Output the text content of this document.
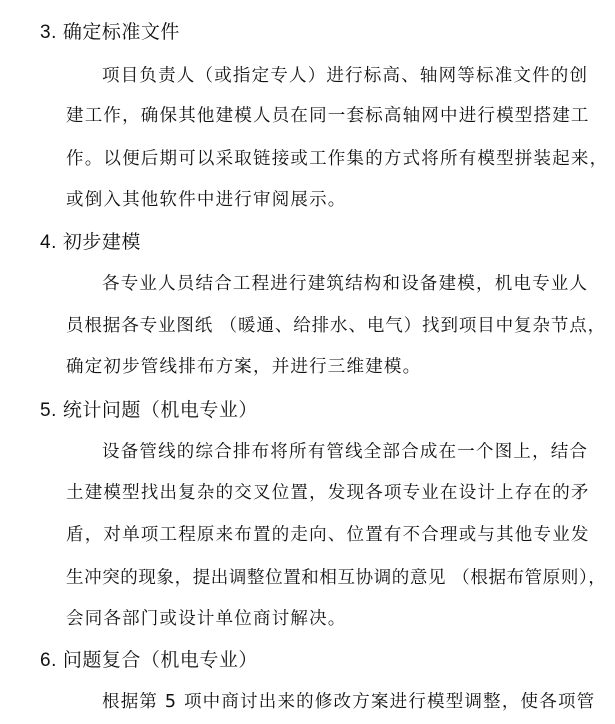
3. 确定标准文件
项目负责人（或指定专人）进行标高、轴网等标准文件的创
建工作，确保其他建模人员在同一套标高轴网中进行模型搭建工
作。以便后期可以采取链接或工作集的方式将所有模型拼装起来，
或倒入其他软件中进行审阅展示。
4. 初步建模
各专业人员结合工程进行建筑结构和设备建模，机电专业人
员根据各专业图纸 （暖通、给排水、电气）找到项目中复杂节点，
确定初步管线排布方案，并进行三维建模。
5. 统计问题（机电专业）
设备管线的综合排布将所有管线全部合成在一个图上，结合
土建模型找出复杂的交叉位置，发现各项专业在设计上存在的矛
盾，对单项工程原来布置的走向、位置有不合理或与其他专业发
生冲突的现象，提出调整位置和相互协调的意见 （根据布管原则），
会同各部门或设计单位商讨解决。
6. 问题复合（机电专业）
根据第 5 项中商讨出来的修改方案进行模型调整，使各项管
